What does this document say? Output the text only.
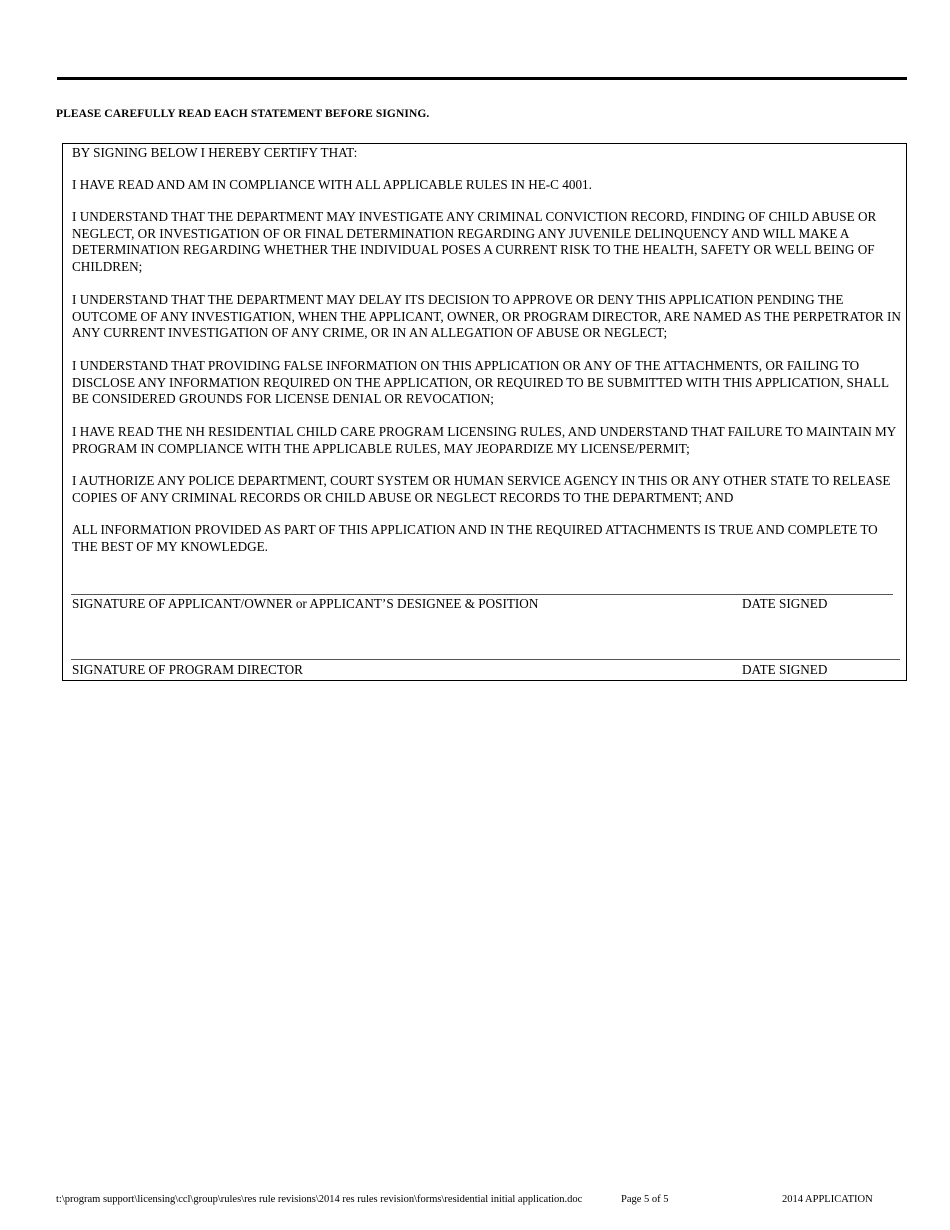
PLEASE CAREFULLY READ EACH STATEMENT BEFORE SIGNING.

BY SIGNING BELOW I HEREBY CERTIFY THAT:

I HAVE READ AND AM IN COMPLIANCE WITH ALL APPLICABLE RULES IN HE-C 4001.

I UNDERSTAND THAT THE DEPARTMENT MAY INVESTIGATE ANY CRIMINAL CONVICTION RECORD, FINDING OF CHILD ABUSE OR NEGLECT, OR INVESTIGATION OF OR FINAL DETERMINATION REGARDING ANY JUVENILE DELINQUENCY AND WILL MAKE A DETERMINATION REGARDING WHETHER THE INDIVIDUAL POSES A CURRENT RISK TO THE HEALTH, SAFETY OR WELL BEING OF CHILDREN;

I UNDERSTAND THAT THE DEPARTMENT MAY DELAY ITS DECISION TO APPROVE OR DENY THIS APPLICATION PENDING THE OUTCOME OF ANY INVESTIGATION, WHEN THE APPLICANT, OWNER, OR PROGRAM DIRECTOR, ARE NAMED AS THE PERPETRATOR IN ANY CURRENT INVESTIGATION OF ANY CRIME, OR IN AN ALLEGATION OF ABUSE OR NEGLECT;

I UNDERSTAND THAT PROVIDING FALSE INFORMATION ON THIS APPLICATION OR ANY OF THE ATTACHMENTS, OR FAILING TO DISCLOSE ANY INFORMATION REQUIRED ON THE APPLICATION, OR REQUIRED TO BE SUBMITTED WITH THIS APPLICATION, SHALL BE CONSIDERED GROUNDS FOR LICENSE DENIAL OR REVOCATION;

I HAVE READ THE NH RESIDENTIAL CHILD CARE PROGRAM LICENSING RULES, AND UNDERSTAND THAT FAILURE TO MAINTAIN MY PROGRAM IN COMPLIANCE WITH THE APPLICABLE RULES, MAY JEOPARDIZE MY LICENSE/PERMIT;

I AUTHORIZE ANY POLICE DEPARTMENT, COURT SYSTEM OR HUMAN SERVICE AGENCY IN THIS OR ANY OTHER STATE TO RELEASE COPIES OF ANY CRIMINAL RECORDS OR CHILD ABUSE OR NEGLECT RECORDS TO THE DEPARTMENT; AND

ALL INFORMATION PROVIDED AS PART OF THIS APPLICATION AND IN THE REQUIRED ATTACHMENTS IS TRUE AND COMPLETE TO THE BEST OF MY KNOWLEDGE.

SIGNATURE OF APPLICANT/OWNER or APPLICANT’S DESIGNEE & POSITION	DATE SIGNED
SIGNATURE OF PROGRAM DIRECTOR	DATE SIGNED
t:\program support\licensing\ccl\group\rules\res rule revisions\2014 res rules revision\forms\residential initial application.doc	Page 5 of 5	2014 APPLICATION
